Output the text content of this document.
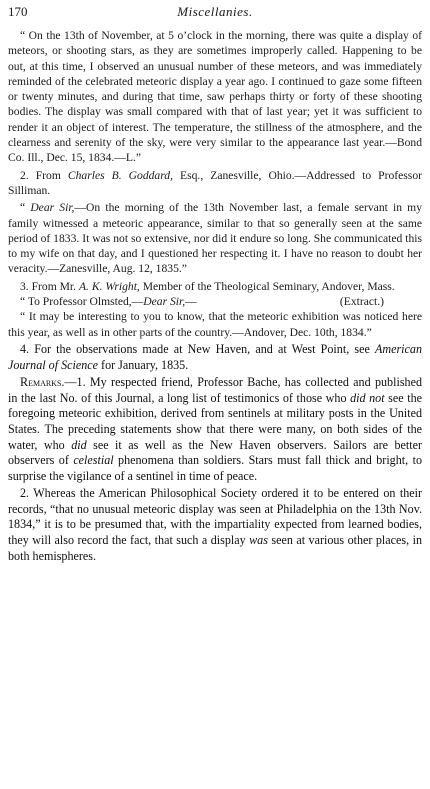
170	Miscellanies.

“ On the 13th of November, at 5 o’clock in the morning, there was quite a display of meteors, or shooting stars, as they are sometimes improperly called. Happening to be out, at this time, I observed an unusual number of these meteors, and was immediately reminded of the celebrated meteoric display a year ago. I continued to gaze some fifteen or twenty minutes, and during that time, saw perhaps thirty or forty of these shooting bodies. The display was small compared with that of last year; yet it was sufficient to render it an object of interest. The temperature, the stillness of the atmosphere, and the clearness and serenity of the sky, were very similar to the appearance last year.—Bond Co. Ill., Dec. 15, 1834.—L.”

2. From Charles B. Goddard, Esq., Zanesville, Ohio.—Addressed to Professor Silliman.

“ Dear Sir,—On the morning of the 13th November last, a female servant in my family witnessed a meteoric appearance, similar to that so generally seen at the same period of 1833. It was not so extensive, nor did it endure so long. She communicated this to my wife on that day, and I questioned her respecting it. I have no reason to doubt her veracity.—Zanesville, Aug. 12, 1835.”

3. From Mr. A. K. Wright, Member of the Theological Seminary, Andover, Mass.

“ To Professor Olmsted,—Dear Sir,—	(Extract.)

“ It may be interesting to you to know, that the meteoric exhibition was noticed here this year, as well as in other parts of the country.—Andover, Dec. 10th, 1834.”

4. For the observations made at New Haven, and at West Point, see American Journal of Science for January, 1835.

Remarks.—1. My respected friend, Professor Bache, has collected and published in the last No. of this Journal, a long list of testimonics of those who did not see the foregoing meteoric exhibition, derived from sentinels at military posts in the United States. The preceding statements show that there were many, on both sides of the water, who did see it as well as the New Haven observers. Sailors are better observers of celestial phenomena than soldiers. Stars must fall thick and bright, to surprise the vigilance of a sentinel in time of peace.

2. Whereas the American Philosophical Society ordered it to be entered on their records, “that no unusual meteoric display was seen at Philadelphia on the 13th Nov. 1834,” it is to be presumed that, with the impartiality expected from learned bodies, they will also record the fact, that such a display was seen at various other places, in both hemispheres.
